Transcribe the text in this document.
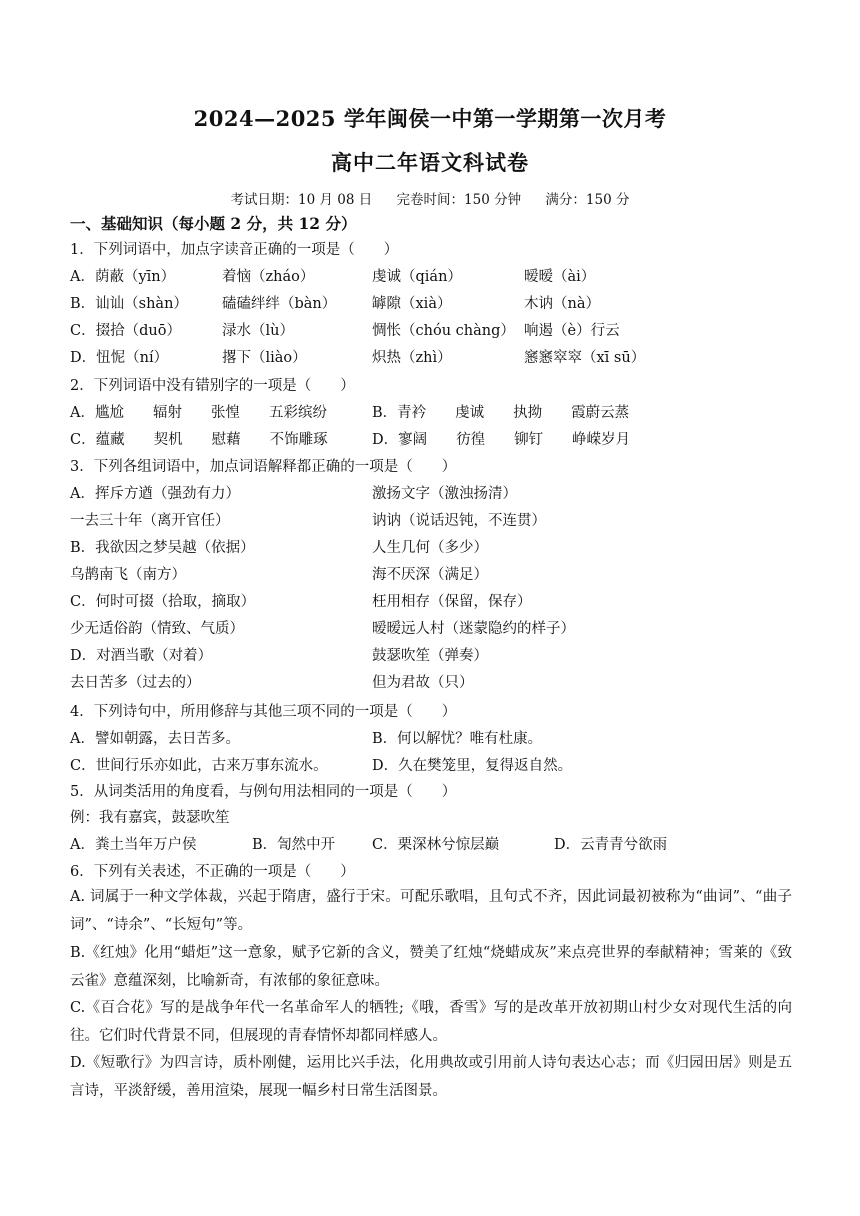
2024—2025 学年闽侯一中第一学期第一次月考
高中二年语文科试卷
考试日期：10 月 08 日 完卷时间：150 分钟 满分：150 分
一、基础知识（每小题 2 分，共 12 分）
1．下列词语中，加点字读音正确的一项是（　　）
A．荫蔽（yīn）	着恼（zháo）	虔诚（qián）	暧暧（ài）
B．讪讪（shàn） 磕磕绊绊（bàn） 罅隙（xià）	木讷（nà）
C．掇拾（duō）	渌水（lù）	惆怅（chóu chàng） 响遏（è）行云
D．忸怩（ní）	撂下（liào）	炽热（zhì）	窸窸窣窣（xī sū）
2．下列词语中没有错别字的一项是（　　）
A．尴尬　　辐射　　张惶　　五彩缤纷	B．青衿　　虔诚　　执拗　　霞蔚云蒸
C．蕴藏　　契机　　慰藉　　不饰雕琢	D．寥阔　　彷徨　　铆钉　　峥嵘岁月
3．下列各组词语中，加点词语解释都正确的一项是（　　）
A．挥斥方遒（强劲有力）	激扬文字（激浊扬清）
一去三十年（离开官任）	讷讷（说话迟钝，不连贯）
B．我欲因之梦吴越（依据）	人生几何（多少）
乌鹊南飞（南方）	海不厌深（满足）
C．何时可掇（拾取，摘取）	枉用相存（保留，保存）
少无适俗韵（情致、气质）	暧暧远人村（迷蒙隐约的样子）
D．对酒当歌（对着）	鼓瑟吹笙（弹奏）
去日苦多（过去的）	但为君故（只）
4．下列诗句中，所用修辞与其他三项不同的一项是（　　）
A．譬如朝露，去日苦多。	B．何以解忧？唯有杜康。
C．世间行乐亦如此，古来万事东流水。	D．久在樊笼里，复得返自然。
5．从词类活用的角度看，与例句用法相同的一项是（　　）
例：我有嘉宾，鼓瑟吹笙
A．粪土当年万户侯	B．訇然中开	C．栗深林兮惊层巅	D．云青青兮欲雨
6．下列有关表述，不正确的一项是（　　）
A. 词属于一种文学体裁，兴起于隋唐，盛行于宋。可配乐歌唱，且句式不齐，因此词最初被称为“曲词”、“曲子词”、“诗余”、“长短句”等。
B.《红烛》化用“蜡炬”这一意象，赋予它新的含义，赞美了红烛“烧蜡成灰”来点亮世界的奉献精神；雪莱的《致云雀》意蕴深刻，比喻新奇，有浓郁的象征意味。
C.《百合花》写的是战争年代一名革命军人的牺牲;《哦，香雪》写的是改革开放初期山村少女对现代生活的向往。它们时代背景不同，但展现的青春情怀却都同样感人。
D.《短歌行》为四言诗，质朴刚健，运用比兴手法，化用典故或引用前人诗句表达心志；而《归园田居》则是五言诗，平淡舒缓，善用渲染，展现一幅乡村日常生活图景。
